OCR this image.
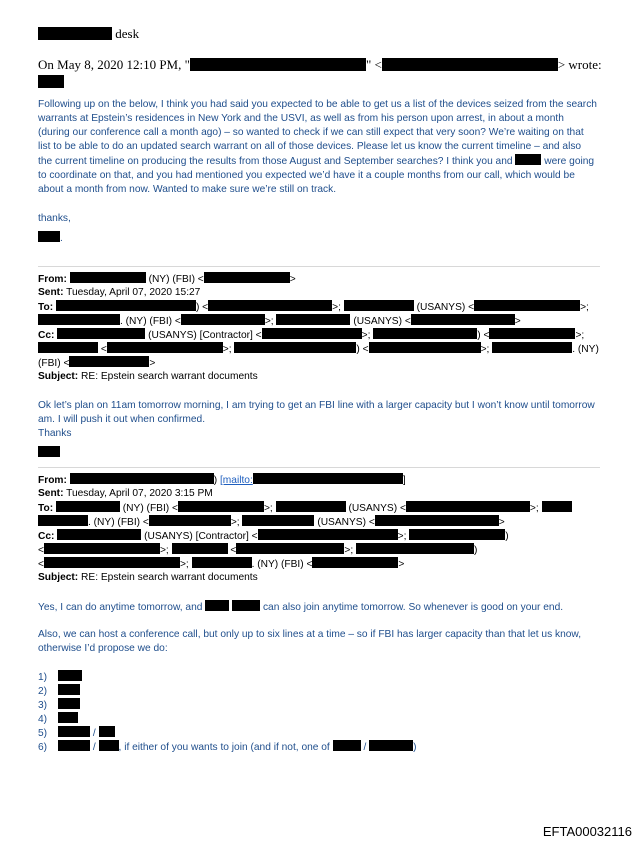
desk
On May 8, 2020 12:10 PM, "	" <	> wrote:
Following up on the below, I think you had said you expected to be able to get us a list of the devices seized from the search warrants at Epstein’s residences in New York and the USVI, as well as from his person upon arrest, in about a month (during our conference call a month ago) – so wanted to check if we can still expect that very soon? We’re waiting on that list to be able to do an updated search warrant on all of those devices. Please let us know the current timeline – and also the current timeline on producing the results from those August and September searches? I think you and	were going to coordinate on that, and you had mentioned you expected we’d have it a couple months from our call, which would be about a month from now. Wanted to make sure we’re still on track.
thanks,
.
From:	(NY) (FBI) <	>
Sent: Tuesday, April 07, 2020 15:27
To:	) <	>;	(USANYS) <	>;
. (NY) (FBI) <	>;	(USANYS) <	>
Cc:	(USANYS) [Contractor] <	>;	) <	>;
<	>;	) <	>;	. (NY)
(FBI) <	>
Subject: RE: Epstein search warrant documents
Ok let’s plan on 11am tomorrow morning, I am trying to get an FBI line with a larger capacity but I won’t know until tomorrow am. I will push it out when confirmed.
Thanks
From:	) [mailto:	]
Sent: Tuesday, April 07, 2020 3:15 PM
To:	(NY) (FBI) <	>;	(USANYS) <	>;
. (NY) (FBI) <	>;	(USANYS) <	>
Cc:	(USANYS) [Contractor] <	>;	)
<	>;	<	>;	)
<	>;	. (NY) (FBI) <	>
Subject: RE: Epstein search warrant documents
Yes, I can do anytime tomorrow, and	can also join anytime tomorrow. So whenever is good on your end.
Also, we can host a conference call, but only up to six lines at a time – so if FBI has larger capacity than that let us know, otherwise I’d propose we do:
1)
2)
3)
4)
5)	/
6)	/ , if either of you wants to join (and if not, one of	/	)
EFTA00032116
